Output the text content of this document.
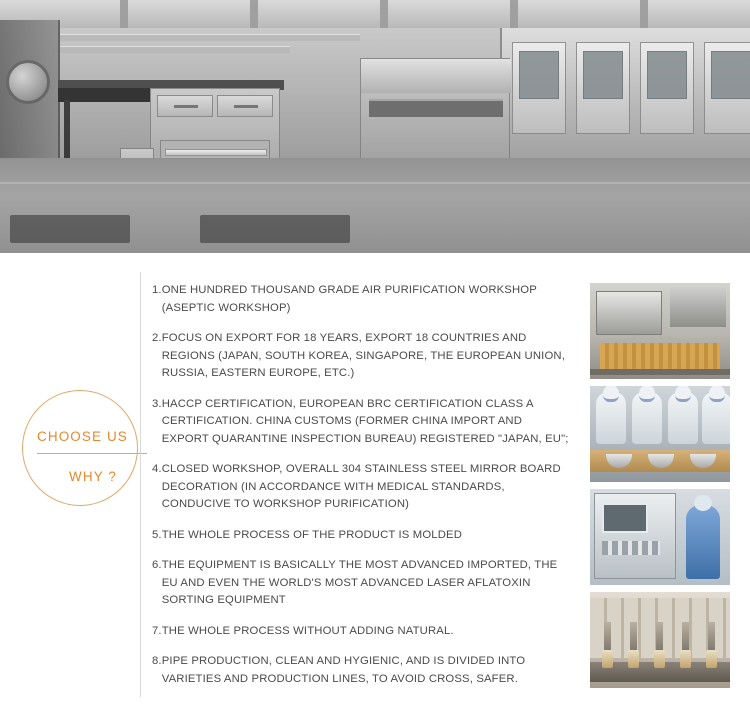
CHOOSE US
WHY ?
1. ONE HUNDRED THOUSAND GRADE AIR PURIFICATION WORKSHOP (ASEPTIC WORKSHOP)
2. FOCUS ON EXPORT FOR 18 YEARS, EXPORT 18 COUNTRIES AND REGIONS (JAPAN, SOUTH KOREA, SINGAPORE, THE EUROPEAN UNION, RUSSIA, EASTERN EUROPE, ETC.)
3. HACCP CERTIFICATION, EUROPEAN BRC CERTIFICATION CLASS A CERTIFICATION. CHINA CUSTOMS (FORMER CHINA IMPORT AND EXPORT QUARANTINE INSPECTION BUREAU) REGISTERED "JAPAN, EU";
4. CLOSED WORKSHOP, OVERALL 304 STAINLESS STEEL MIRROR BOARD DECORATION (IN ACCORDANCE WITH MEDICAL STANDARDS, CONDUCIVE TO WORKSHOP PURIFICATION)
5. THE WHOLE PROCESS OF THE PRODUCT IS MOLDED
6. THE EQUIPMENT IS BASICALLY THE MOST ADVANCED IMPORTED, THE EU AND EVEN THE WORLD'S MOST ADVANCED LASER AFLATOXIN SORTING EQUIPMENT
7. THE WHOLE PROCESS WITHOUT ADDING NATURAL.
8. PIPE PRODUCTION, CLEAN AND HYGIENIC, AND IS DIVIDED INTO VARIETIES AND PRODUCTION LINES, TO AVOID CROSS, SAFER.
